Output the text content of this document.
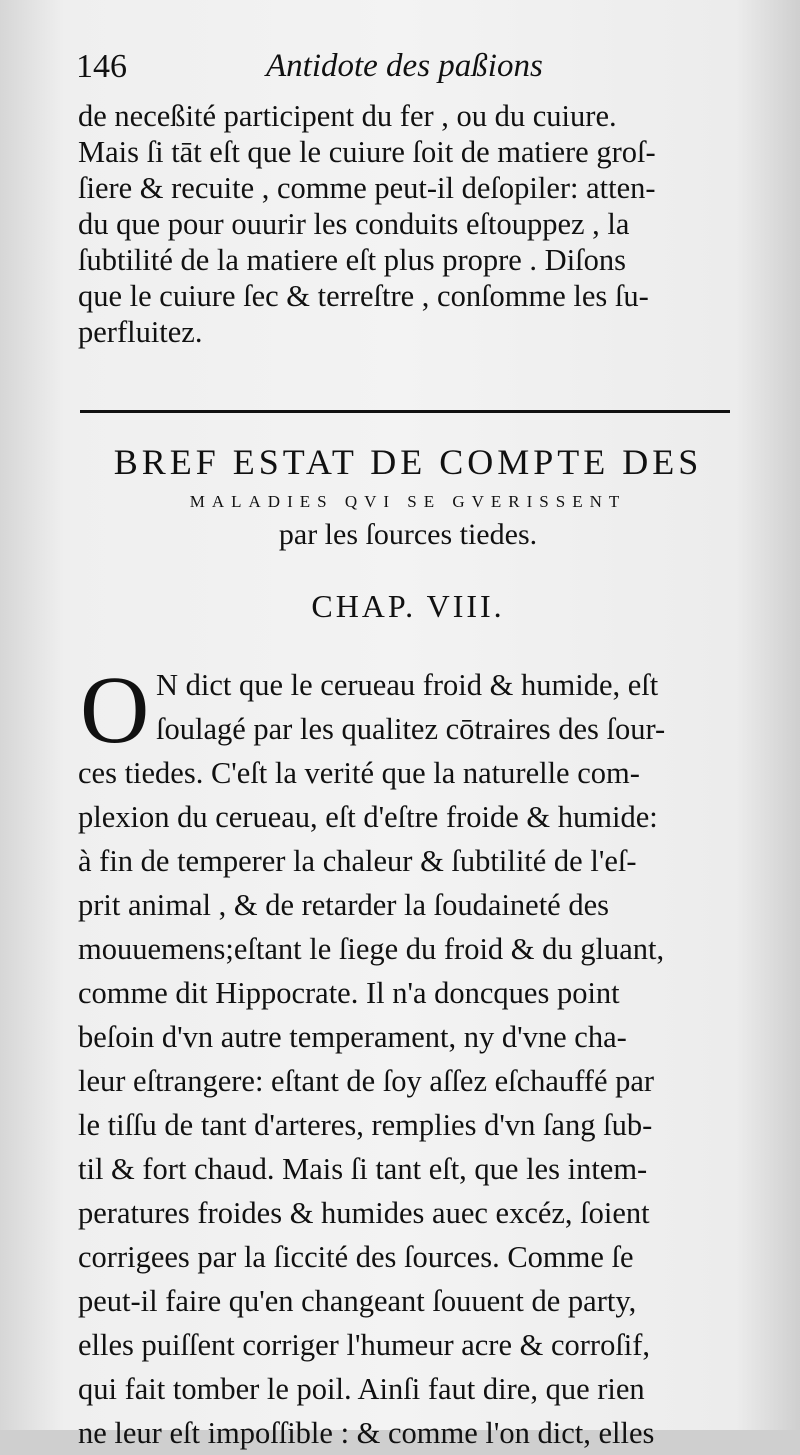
146	Antidote des paßions
de neceßité participent du fer , ou du cuiure.
Mais ſi tāt eſt que le cuiure ſoit de matiere groſ-
ſiere & recuite , comme peut-il deſopiler: atten-
du que pour ouurir les conduits eſtouppez , la
ſubtilité de la matiere eſt plus propre . Diſons
que le cuiure ſec & terreſtre , conſomme les ſu-
perfluitez.
BREF ESTAT DE COMPTE DES
MALADIES QVI SE GVERISSENT
par les ſources tiedes.
CHAP. VIII.
O N dict que le cerueau froid & humide, eſt
ſoulagé par les qualitez cōtraires des ſour-
ces tiedes. C'eſt la verité que la naturelle com-
plexion du cerueau, eſt d'eſtre froide & humide:
à fin de temperer la chaleur & ſubtilité de l'eſ-
prit animal , & de retarder la ſoudaineté des
mouuemens;eſtant le ſiege du froid & du gluant,
comme dit Hippocrate. Il n'a doncques point
beſoin d'vn autre temperament, ny d'vne cha-
leur eſtrangere: eſtant de ſoy aſſez eſchauffé par
le tiſſu de tant d'arteres, remplies d'vn ſang ſub-
til & fort chaud. Mais ſi tant eſt, que les intem-
peratures froides & humides auec excéz, ſoient
corrigees par la ſiccité des ſources. Comme ſe
peut-il faire qu'en changeant ſouuent de party,
elles puiſſent corriger l'humeur acre & corroſif,
qui fait tomber le poil. Ainſi faut dire, que rien
ne leur eſt impoſſible : & comme l'on dict, elles
